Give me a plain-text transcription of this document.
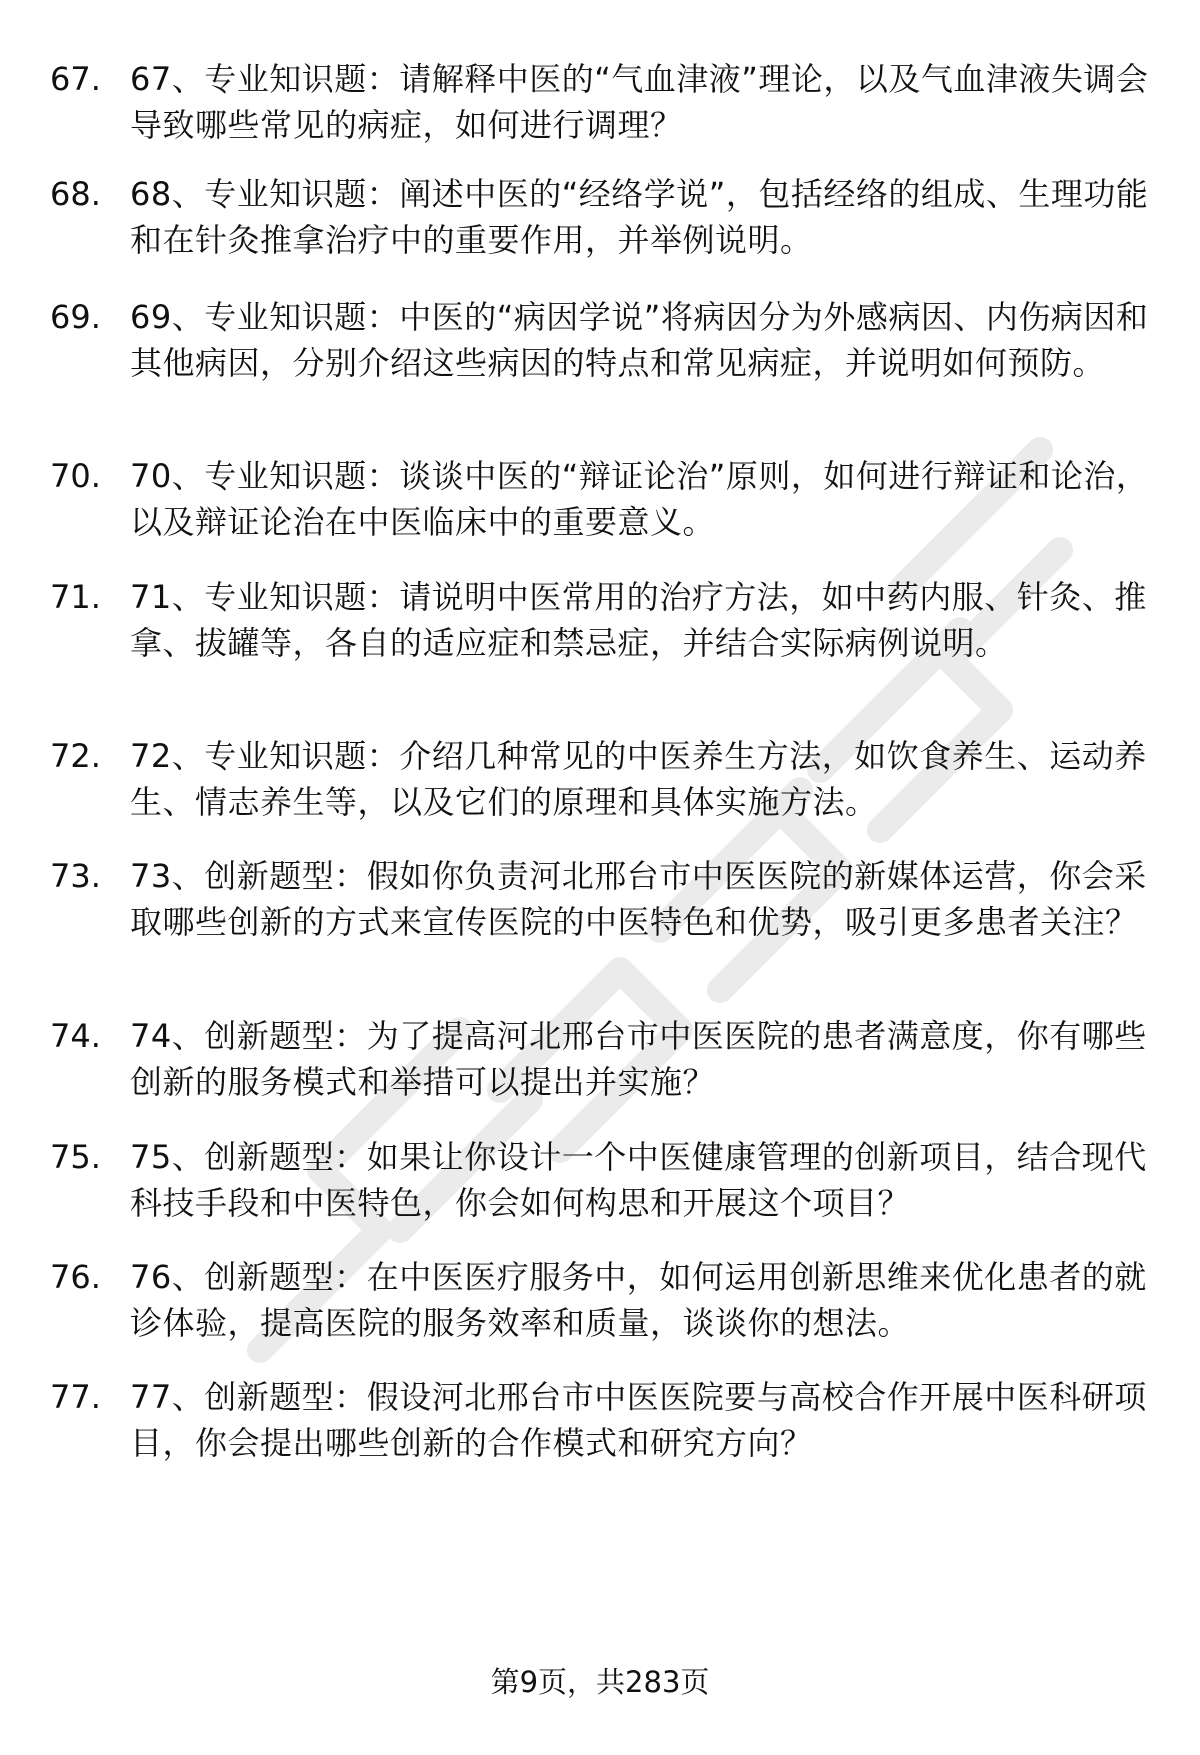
67. 67、专业知识题：请解释中医的“气血津液”理论，以及气血津液失调会导致哪些常见的病症，如何进行调理？
68. 68、专业知识题：阐述中医的“经络学说”，包括经络的组成、生理功能和在针灸推拿治疗中的重要作用，并举例说明。
69. 69、专业知识题：中医的“病因学说”将病因分为外感病因、内伤病因和其他病因，分别介绍这些病因的特点和常见病症，并说明如何预防。
70. 70、专业知识题：谈谈中医的“辩证论治”原则，如何进行辩证和论治，以及辩证论治在中医临床中的重要意义。
71. 71、专业知识题：请说明中医常用的治疗方法，如中药内服、针灸、推拿、拔罐等，各自的适应症和禁忌症，并结合实际病例说明。
72. 72、专业知识题：介绍几种常见的中医养生方法，如饮食养生、运动养生、情志养生等，以及它们的原理和具体实施方法。
73. 73、创新题型：假如你负责河北邢台市中医医院的新媒体运营，你会采取哪些创新的方式来宣传医院的中医特色和优势，吸引更多患者关注？
74. 74、创新题型：为了提高河北邢台市中医医院的患者满意度，你有哪些创新的服务模式和举措可以提出并实施？
75. 75、创新题型：如果让你设计一个中医健康管理的创新项目，结合现代科技手段和中医特色，你会如何构思和开展这个项目？
76. 76、创新题型：在中医医疗服务中，如何运用创新思维来优化患者的就诊体验，提高医院的服务效率和质量，谈谈你的想法。
77. 77、创新题型：假设河北邢台市中医医院要与高校合作开展中医科研项目，你会提出哪些创新的合作模式和研究方向？
第9页，共283页
